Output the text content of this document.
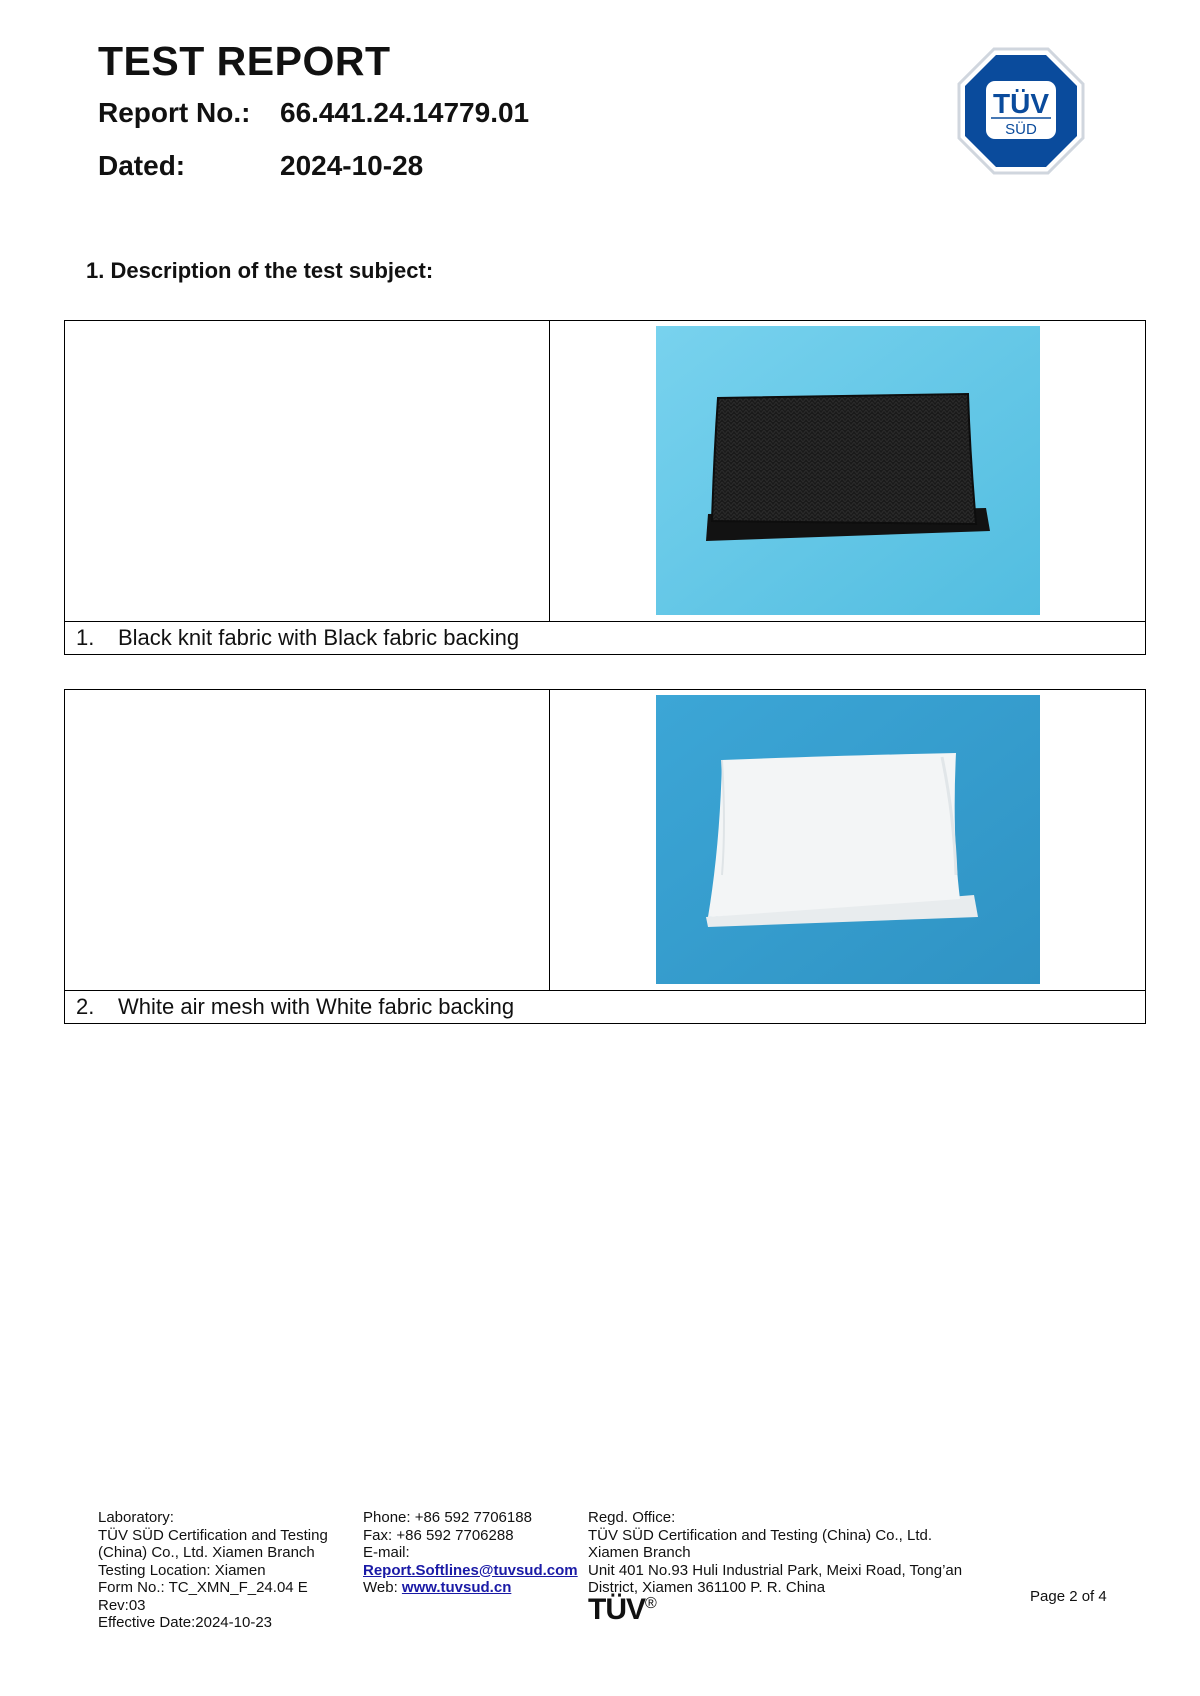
TEST REPORT
Report No.: 66.441.24.14779.01
Dated:	2024-10-28
TÜV
SÜD
1. Description of the test subject:
1. Black knit fabric with Black fabric backing
2. White air mesh with White fabric backing
Laboratory:
TÜV SÜD Certification and Testing
(China) Co., Ltd. Xiamen Branch
Testing Location: Xiamen
Form No.: TC_XMN_F_24.04 E
Rev:03
Effective Date:2024-10-23
Phone: +86 592 7706188
Fax: +86 592 7706288
E-mail:
Report.Softlines@tuvsud.com
Web: www.tuvsud.cn
Regd. Office:
TÜV SÜD Certification and Testing (China) Co., Ltd.
Xiamen Branch
Unit 401 No.93 Huli Industrial Park, Meixi Road, Tong’an
District, Xiamen 361100 P. R. China
TÜV®	Page 2 of 4
